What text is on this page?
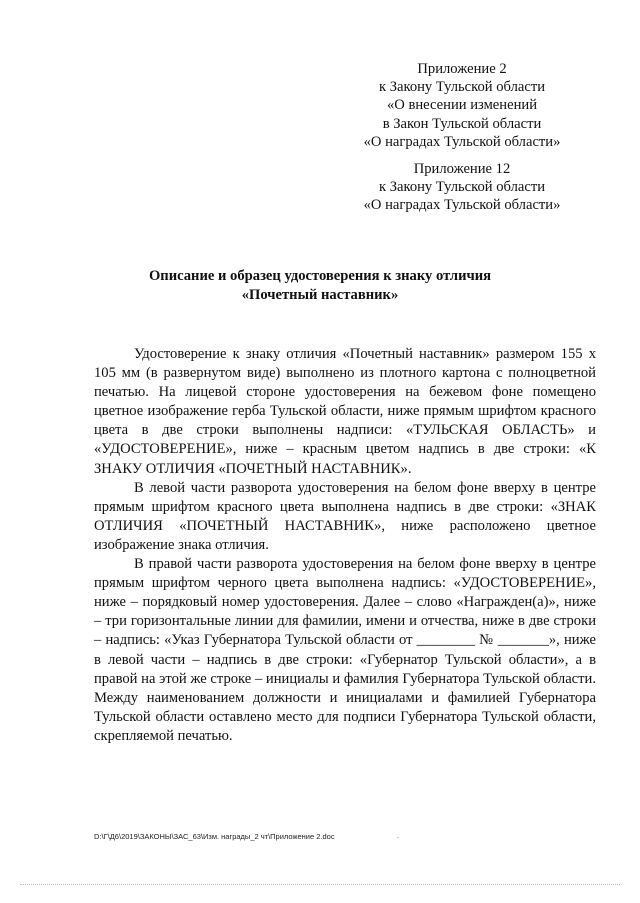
Приложение 2
к Закону Тульской области
«О внесении изменений
в Закон Тульской области
«О наградах Тульской области»
Приложение 12
к Закону Тульской области
«О наградах Тульской области»
Описание и образец удостоверения к знаку отличия
«Почетный наставник»

Удостоверение к знаку отличия «Почетный наставник» размером 155 х 105 мм (в развернутом виде) выполнено из плотного картона с полноцветной печатью. На лицевой стороне удостоверения на бежевом фоне помещено цветное изображение герба Тульской области, ниже прямым шрифтом красного цвета в две строки выполнены надписи: «ТУЛЬСКАЯ ОБЛАСТЬ» и «УДОСТОВЕРЕНИЕ», ниже – красным цветом надпись в две строки: «К ЗНАКУ ОТЛИЧИЯ «ПОЧЕТНЫЙ НАСТАВНИК».

В левой части разворота удостоверения на белом фоне вверху в центре прямым шрифтом красного цвета выполнена надпись в две строки: «ЗНАК ОТЛИЧИЯ «ПОЧЕТНЫЙ НАСТАВНИК», ниже расположено цветное изображение знака отличия.

В правой части разворота удостоверения на белом фоне вверху в центре прямым шрифтом черного цвета выполнена надпись: «УДОСТОВЕРЕНИЕ», ниже – порядковый номер удостоверения. Далее – слово «Награжден(а)», ниже – три горизонтальные линии для фамилии, имени и отчества, ниже в две строки – надпись: «Указ Губернатора Тульской области от ________ № _______», ниже в левой части – надпись в две строки: «Губернатор Тульской области», а в правой на этой же строке – инициалы и фамилия Губернатора Тульской области. Между наименованием должности и инициалами и фамилией Губернатора Тульской области оставлено место для подписи Губернатора Тульской области, скрепляемой печатью.

D:\Г\Д6\2019\ЗАКОНЫ\ЗАС_63\Изм. награды_2 чт\Приложение 2.doc	.
